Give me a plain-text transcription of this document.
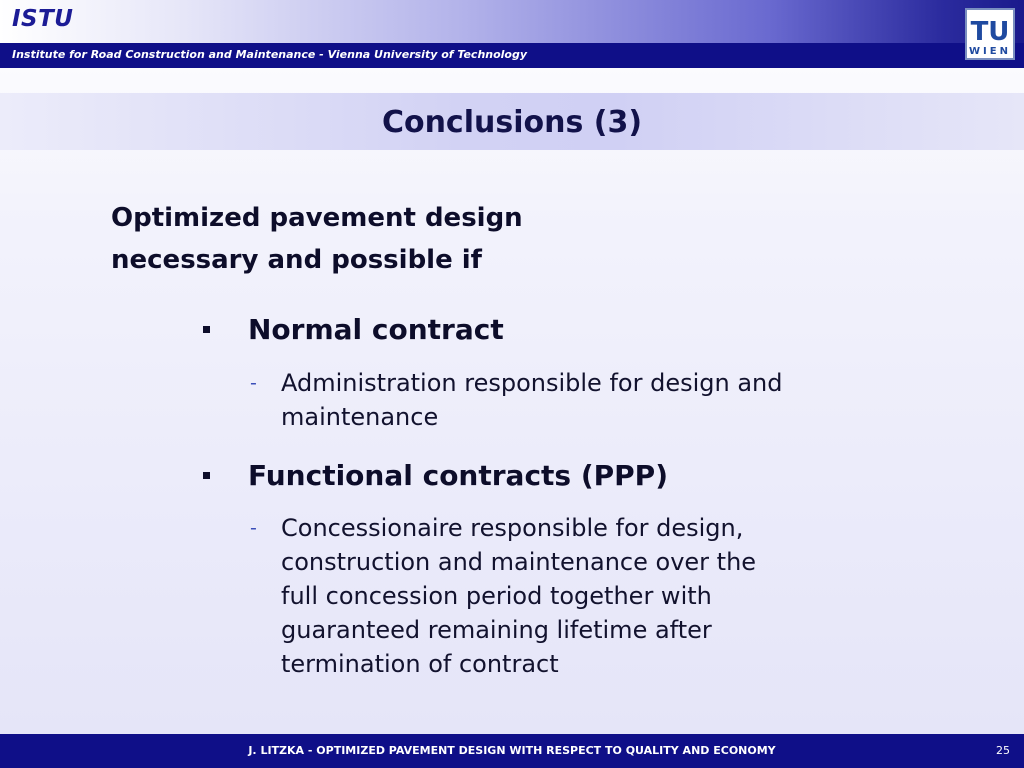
ISTU
Institute for Road Construction and Maintenance - Vienna University of Technology
TU
WIEN
Conclusions (3)
Optimized pavement design
necessary and possible if
Normal contract
- Administration responsible for design and
maintenance
Functional contracts (PPP)
- Concessionaire responsible for design,
construction and maintenance over the
full concession period together with
guaranteed remaining lifetime after
termination of contract
J. LITZKA - OPTIMIZED PAVEMENT DESIGN WITH RESPECT TO QUALITY AND ECONOMY	25
